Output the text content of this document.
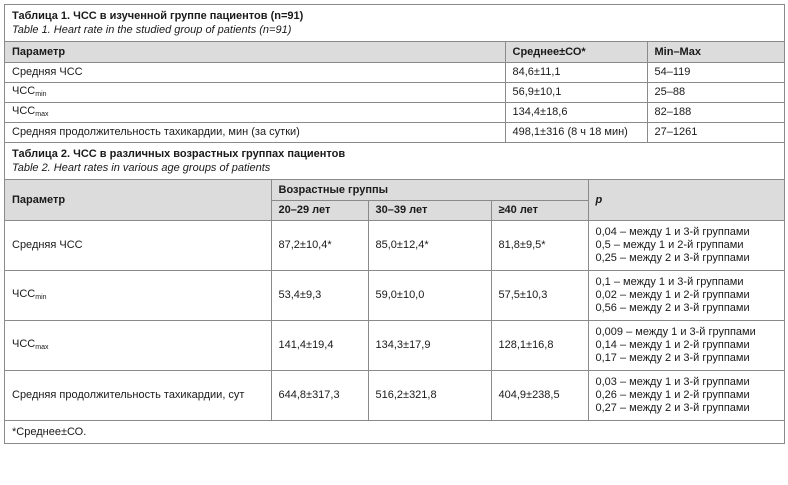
Таблица 1. ЧСС в изученной группе пациентов (n=91)
Table 1. Heart rate in the studied group of patients (n=91)
Параметр	Среднее±СО*	Min–Max
Средняя ЧСС	84,6±11,1	54–119
$ЧСС_{min}$	56,9±10,1	25–88
$ЧСС_{max}$	134,4±18,6	82–188
Средняя продолжительность тахикардии, мин (за сутки)	498,1±316 (8 ч 18 мин)	27–1261
Таблица 2. ЧСС в различных возрастных группах пациентов
Table 2. Heart rates in various age groups of patients
Параметр	Возрастные группы			p
	20–29 лет	30–39 лет	≥40 лет	
Средняя ЧСС	87,2±10,4*	85,0±12,4*	81,8±9,5*	0,04 – между 1 и 3-й группами
0,5 – между 1 и 2-й группами
0,25 – между 2 и 3-й группами

$ЧСС_{min}$	53,4±9,3	59,0±10,0	57,5±10,3	0,1 – между 1 и 3-й группами
0,02 – между 1 и 2-й группами
0,56 – между 2 и 3-й группами

$ЧСС_{max}$	141,4±19,4	134,3±17,9	128,1±16,8	0,009 – между 1 и 3-й группами
0,14 – между 1 и 2-й группами
0,17 – между 2 и 3-й группами

Средняя продолжительность тахикардии, сут	644,8±317,3	516,2±321,8	404,9±238,5	0,03 – между 1 и 3-й группами
0,26 – между 1 и 2-й группами
0,27 – между 2 и 3-й группами
*Среднее±СО.
